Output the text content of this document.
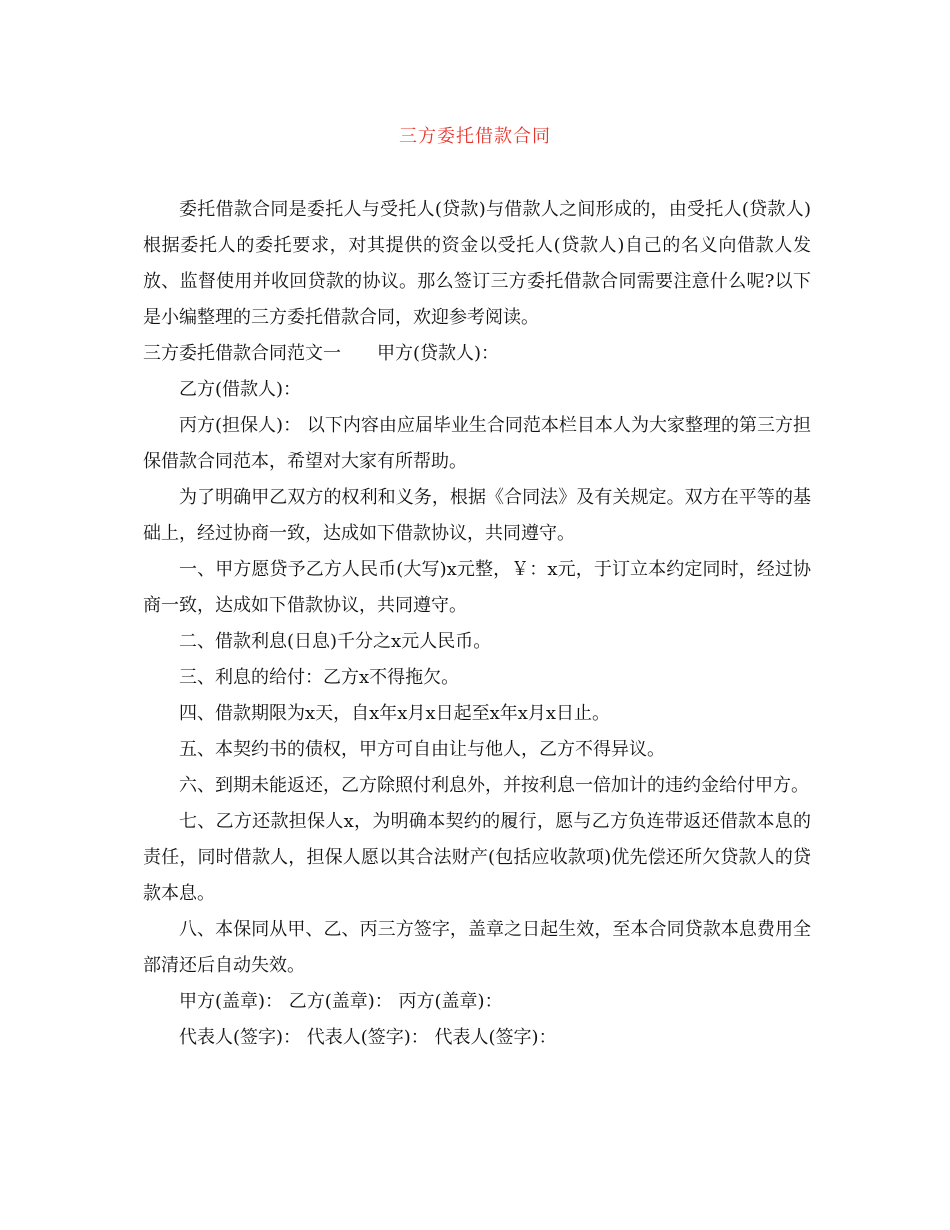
三方委托借款合同

委托借款合同是委托人与受托人(贷款)与借款人之间形成的，由受托人(贷款人)根据委托人的委托要求，对其提供的资金以受托人(贷款人)自己的名义向借款人发放、监督使用并收回贷款的协议。那么签订三方委托借款合同需要注意什么呢?以下是小编整理的三方委托借款合同，欢迎参考阅读。

三方委托借款合同范文一 甲方(贷款人)：

乙方(借款人)：

丙方(担保人)： 以下内容由应届毕业生合同范本栏目本人为大家整理的第三方担保借款合同范本，希望对大家有所帮助。

为了明确甲乙双方的权利和义务，根据《合同法》及有关规定。双方在平等的基础上，经过协商一致，达成如下借款协议，共同遵守。

一、甲方愿贷予乙方人民币(大写)x元整，￥：x元，于订立本约定同时，经过协商一致，达成如下借款协议，共同遵守。

二、借款利息(日息)千分之x元人民币。

三、利息的给付：乙方x不得拖欠。

四、借款期限为x天，自x年x月x日起至x年x月x日止。

五、本契约书的债权，甲方可自由让与他人，乙方不得异议。

六、到期未能返还，乙方除照付利息外，并按利息一倍加计的违约金给付甲方。

七、乙方还款担保人x，为明确本契约的履行，愿与乙方负连带返还借款本息的责任，同时借款人，担保人愿以其合法财产(包括应收款项)优先偿还所欠贷款人的贷款本息。

八、本保同从甲、乙、丙三方签字，盖章之日起生效，至本合同贷款本息费用全部清还后自动失效。

甲方(盖章)： 乙方(盖章)： 丙方(盖章)：

代表人(签字)： 代表人(签字)： 代表人(签字)：
